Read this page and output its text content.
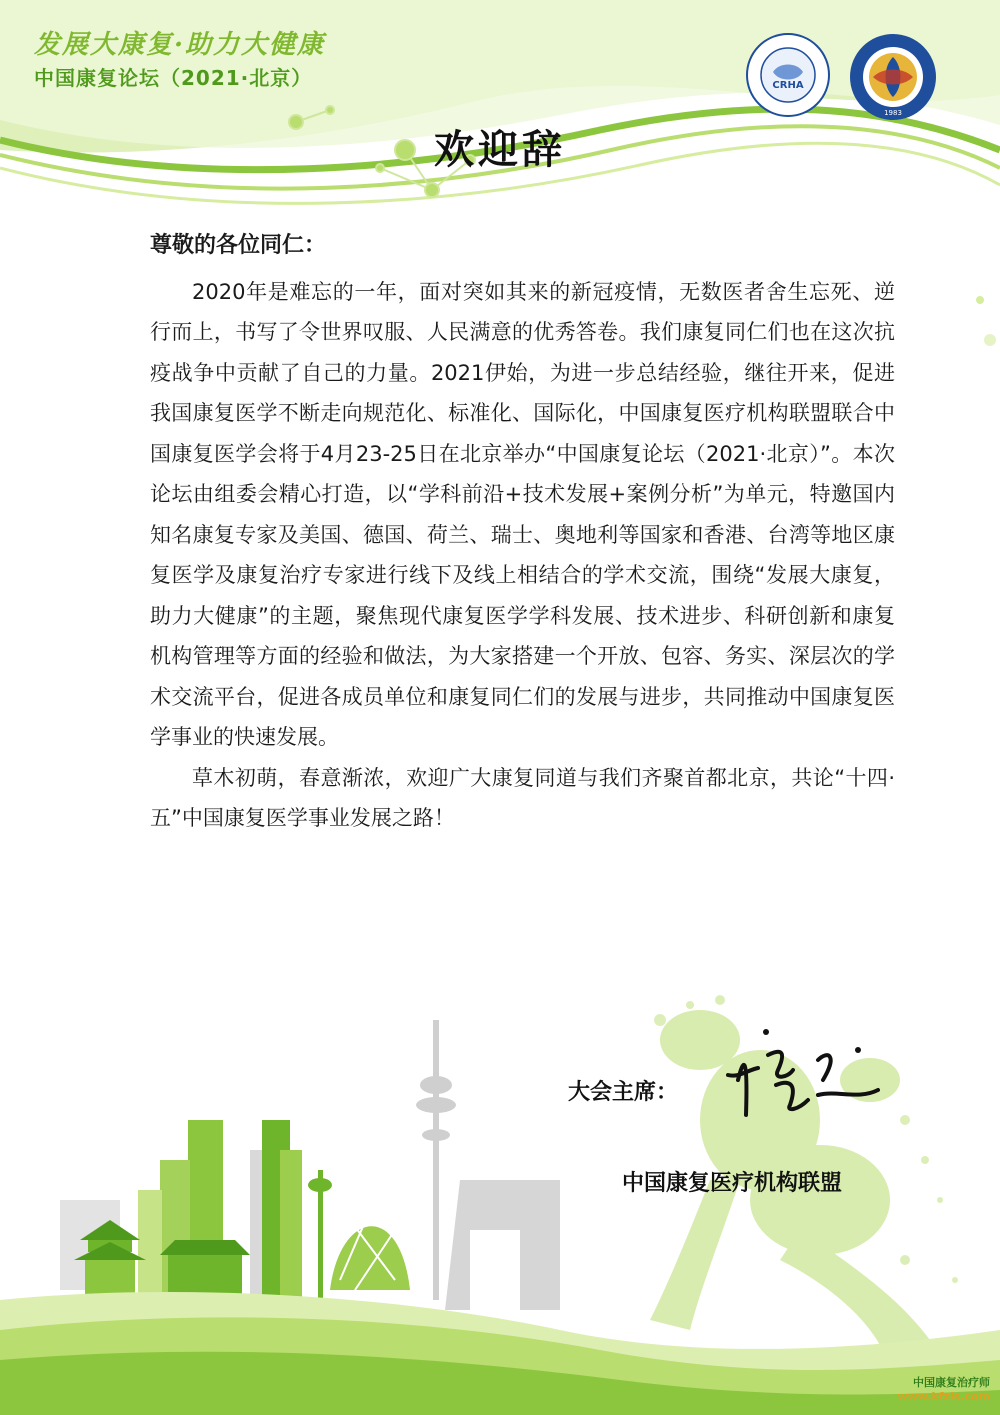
发展大康复·助力大健康
中国康复论坛（2021·北京）	CRHA
1983
欢迎辞

尊敬的各位同仁：

2020年是难忘的一年，面对突如其来的新冠疫情，无数医者舍生忘死、逆行而上，书写了令世界叹服、人民满意的优秀答卷。我们康复同仁们也在这次抗疫战争中贡献了自己的力量。2021伊始，为进一步总结经验，继往开来，促进我国康复医学不断走向规范化、标准化、国际化，中国康复医疗机构联盟联合中国康复医学会将于4月23-25日在北京举办“中国康复论坛（2021·北京）”。本次论坛由组委会精心打造，以“学科前沿+技术发展+案例分析”为单元，特邀国内知名康复专家及美国、德国、荷兰、瑞士、奥地利等国家和香港、台湾等地区康复医学及康复治疗专家进行线下及线上相结合的学术交流，围绕“发展大康复，助力大健康”的主题，聚焦现代康复医学学科发展、技术进步、科研创新和康复机构管理等方面的经验和做法，为大家搭建一个开放、包容、务实、深层次的学术交流平台，促进各成员单位和康复同仁们的发展与进步，共同推动中国康复医学事业的快速发展。

草木初萌，春意渐浓，欢迎广大康复同道与我们齐聚首都北京，共论“十四·五”中国康复医学事业发展之路！

大会主席：
中国康复医疗机构联盟
中国康复治疗师
www.kfzls.com
